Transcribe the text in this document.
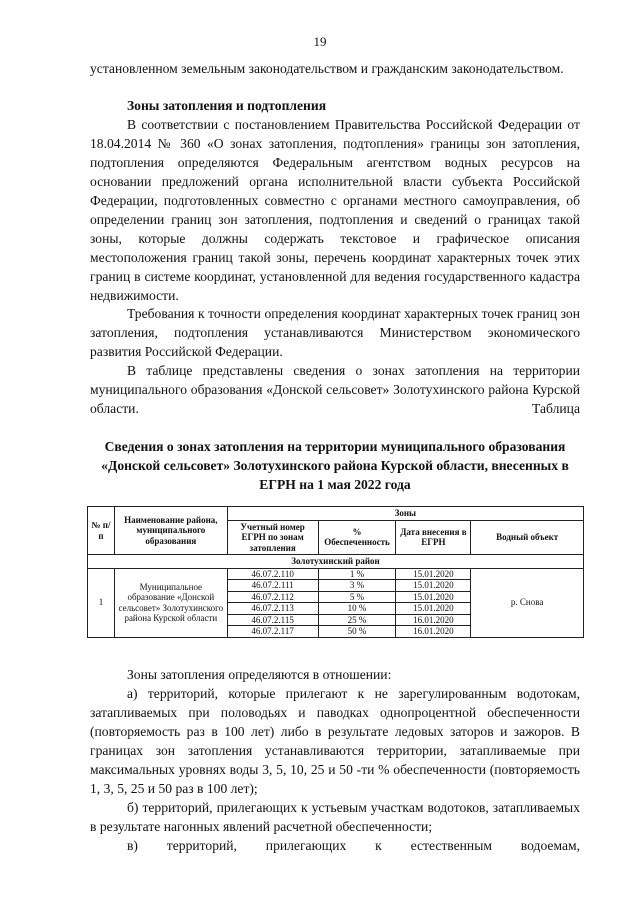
19

установленном земельным законодательством и гражданским законодательством.

Зоны затопления и подтопления

В соответствии с постановлением Правительства Российской Федерации от 18.04.2014 № 360 «О зонах затопления, подтопления» границы зон затопления, подтопления определяются Федеральным агентством водных ресурсов на основании предложений органа исполнительной власти субъекта Российской Федерации, подготовленных совместно с органами местного самоуправления, об определении границ зон затопления, подтопления и сведений о границах такой зоны, которые должны содержать текстовое и графическое описания местоположения границ такой зоны, перечень координат характерных точек этих границ в системе координат, установленной для ведения государственного кадастра недвижимости.

Требования к точности определения координат характерных точек границ зон затопления, подтопления устанавливаются Министерством экономического развития Российской Федерации.

В таблице представлены сведения о зонах затопления на территории муниципального образования «Донской сельсовет» Золотухинского района Курской области.	Таблица

Сведения о зонах затопления на территории муниципального образования «Донской сельсовет» Золотухинского района Курской области, внесенных в ЕГРН на 1 мая 2022 года
№ п/п	Наименование района, муниципального образования	Зоны			
		Учетный номер ЕГРН по зонам затопления	% Обеспеченность	Дата внесения в ЕГРН	Водный объект
Золотухинский район					
1	Муниципальное образование «Донской сельсовет» Золотухинского района Курской области	46.07.2.110	1 %	15.01.2020	р. Снова
		46.07.2.111	3 %	15.01.2020	
		46.07.2.112	5 %	15.01.2020	
		46.07.2.113	10 %	15.01.2020	
		46.07.2.115	25 %	16.01.2020	
		46.07.2.117	50 %	16.01.2020	

Зоны затопления определяются в отношении:

а) территорий, которые прилегают к не зарегулированным водотокам, затапливаемых при половодьях и паводках однопроцентной обеспеченности (повторяемость раз в 100 лет) либо в результате ледовых заторов и зажоров. В границах зон затопления устанавливаются территории, затапливаемые при максимальных уровнях воды 3, 5, 10, 25 и 50 -ти % обеспеченности (повторяемость 1, 3, 5, 25 и 50 раз в 100 лет);

б) территорий, прилегающих к устьевым участкам водотоков, затапливаемых в результате нагонных явлений расчетной обеспеченности;

в) территорий, прилегающих к естественным водоемам,
